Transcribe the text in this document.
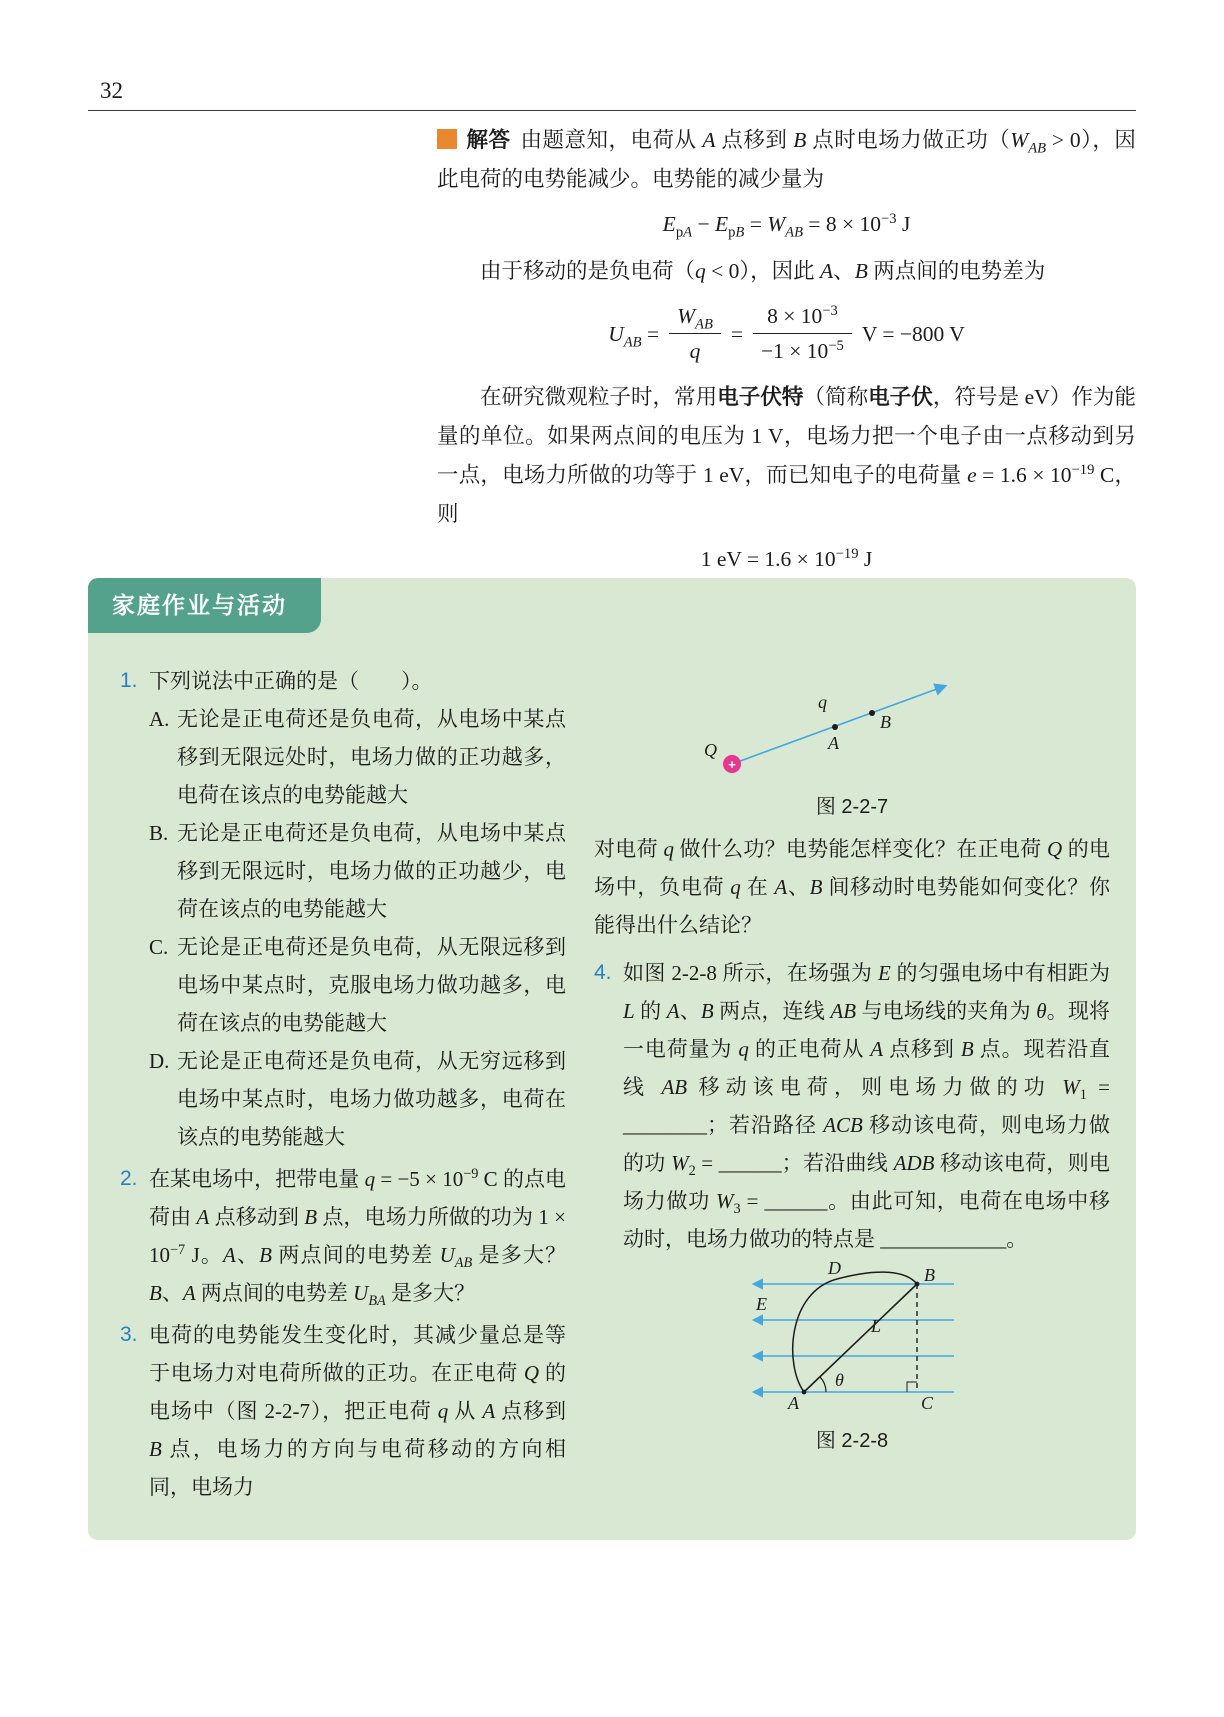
32

解答 由题意知，电荷从 A 点移到 B 点时电场力做正功$(W_{AB} > 0)$，因此电荷的电势能减少。电势能的减少量为

$E_{pA} - E_{pB} = W_{AB} = 8 \times 10^{-3}$ J

由于移动的是负电荷（q < 0），因此 A、B 两点间的电势差为

$U_{AB} = \frac{W_{AB}}{q} = \frac{8 \times 10^{-3}}{-1 \times 10^{-5}}$ V = −800 V

在研究微观粒子时，常用电子伏特（简称电子伏，符号是 eV）作为能量的单位。如果两点间的电压为 1 V，电场力把一个电子由一点移动到另一点，电场力所做的功等于 1 eV，而已知电子的电荷量 $e = 1.6 \times 10^{-19}$ C，则

1 eV = $1.6 \times 10^{-19}$ J
家庭作业与活动
1. 下列说法中正确的是（　　）。
A. 无论是正电荷还是负电荷，从电场中某点移到无限远处时，电场力做的正功越多，电荷在该点的电势能越大
B. 无论是正电荷还是负电荷，从电场中某点移到无限远时，电场力做的正功越少，电荷在该点的电势能越大
C. 无论是正电荷还是负电荷，从无限远移到电场中某点时，克服电场力做功越多，电荷在该点的电势能越大
D. 无论是正电荷还是负电荷，从无穷远移到电场中某点时，电场力做功越多，电荷在该点的电势能越大
2. 在某电场中，把带电量 $q = -5 \times 10^{-9}$ C 的点电荷由 A 点移动到 B 点，电场力所做的功为 $1 \times 10^{-7}$ J。A、B 两点间的电势差 $U_{AB}$ 是多大？ B、A 两点间的电势差 $U_{BA}$ 是多大？
3. 电荷的电势能发生变化时，其减少量总是等于电场力对电荷所做的正功。在正电荷 Q 的电场中（图 2-2-7），把正电荷 q 从 A 点移到 B 点，电场力的方向与电荷移动的方向相同，电场力
+
Q
q
A
B
图 2-2-7

对电荷 q 做什么功？电势能怎样变化？在正电荷 Q 的电场中，负电荷 q 在 A、B 间移动时电势能如何变化？你能得出什么结论？

4. 如图 2-2-8 所示，在场强为 E 的匀强电场中有相距为 L 的 A、B 两点，连线 AB 与电场线的夹角为 θ。现将一电荷量为 q 的正电荷从 A 点移到 B 点。现若沿直线 AB 移动该电荷，则电场力做的功 $W_1$ = ________；若沿路径 ACB 移动该电荷，则电场力做的功 $W_2$ = ______；若沿曲线 ADB 移动该电荷，则电场力做功 $W_3$ = ______。由此可知，电荷在电场中移动时，电场力做功的特点是 ____________。
E
D	B
L
A
θ
C
图 2-2-8
